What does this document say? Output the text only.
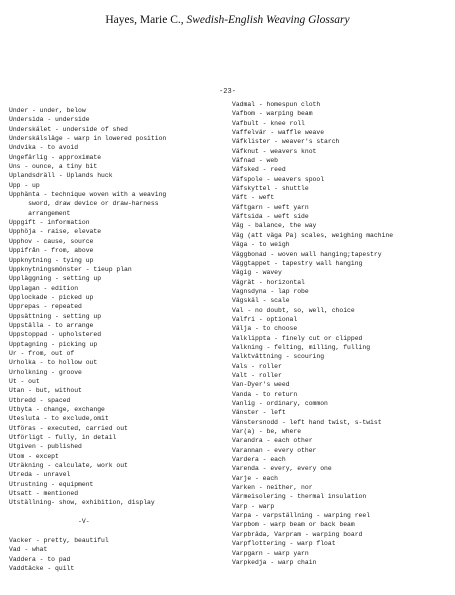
Hayes, Marie C., Swedish-English Weaving Glossary
-23-
Under - under, below
Undersida - underside
Underskälet - underside of shed
Underskälsläge - warp in lowered position
Undvika - to avoid
Ungefärlig - approximate
Uns - ounce, a tiny bit
Uplandsdräll - Uplands huck
Upp - up
Upphänta - technique woven with a weaving
sword, draw device or draw-harness
arrangement
Uppgift - information
Upphöja - raise, elevate
Upphov - cause, source
Uppifrån - from, above
Uppknytning - tying up
Uppknytningsmönster - tieup plan
Uppläggning - setting up
Upplagan - edition
Upplockade - picked up
Upprepas - repeated
Uppsättning - setting up
Uppställa - to arrange
Uppstoppad - upholstered
Upptagning - picking up
Ur - from, out of
Urholka - to hollow out
Urholkning - groove
Ut - out
Utan - but, without
Utbredd - spaced
Utbyta - change, exchange
Utesluta - to exclude,omit
Utföras - executed, carried out
Utförligt - fully, in detail
Utgiven - published
Utom - except
Uträkning - calculate, work out
Utreda - unravel
Utrustning - equipment
Utsatt - mentioned
Utställning- show, exhibition, display
-V-
Vacker - pretty, beautiful
Vad - what
Vaddera - to pad
Vaddtäcke - quilt
Vadmal - homespun cloth
Vafbom - warping beam
Vafbult - knee roll
Vaffelvär - waffle weave
Väfklister - weaver's starch
Väfknut - weavers knot
Väfnad - web
Väfsked - reed
Väfspole - weavers spool
Väfskyttel - shuttle
Väft - weft
Väftgarn - weft yarn
Väftsida - weft side
Väg - balance, the way
Väg (att väga Pa) scales, weighing machine
Väga - to weigh
Väggbonad - woven wall hanging;tapestry
Väggtappet - tapestry wall hanging
Vägig - wavey
Vägrät - horizontal
Vagnsdyna - lap robe
Vägskäl - scale
Val - no doubt, so, well, choice
Valfri - optional
Välja - to choose
Valklippta - finely cut or clipped
Valkning - felting, milling, fulling
Valktvättning - scouring
Vals - roller
Valt - roller
Van-Dyer's weed
Vanda - to return
Vanlig - ordinary, common
Vänster - left
Vänstersnodd - left hand twist, s-twist
Var(a) - be, where
Varandra - each other
Varannan - every other
Vardera - each
Varenda - every, every one
Varje - each
Varken - neither, nor
Värmeisolering - thermal insulation
Varp - warp
Varpa - varpställning - warping reel
Varpbom - warp beam or back beam
Varpbräda, Varpram - warping board
Varpflottering - warp float
Varpgarn - warp yarn
Varpkedja - warp chain
